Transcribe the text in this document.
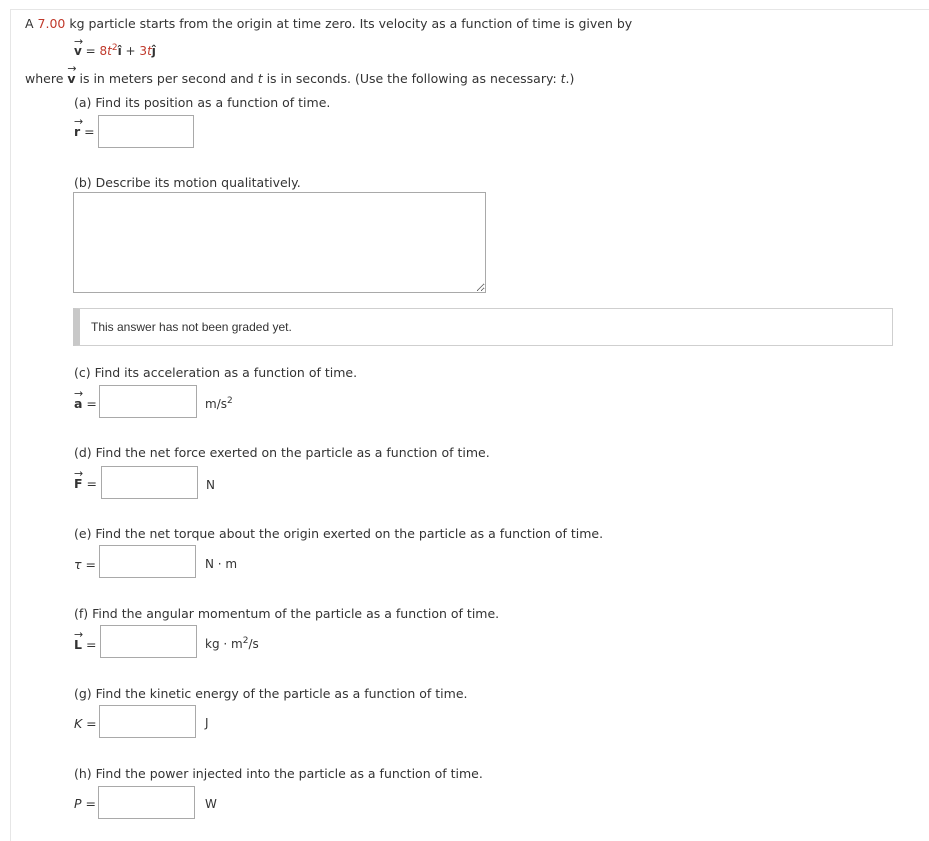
A 7.00 kg particle starts from the origin at time zero. Its velocity as a function of time is given by
→ $v = 8t^2î$ + 3tĵ
where → v is in meters per second and t is in seconds. (Use the following as necessary: t.)
(a) Find its position as a function of time.
→ r =
(b) Describe its motion qualitatively.
This answer has not been graded yet.
(c) Find its acceleration as a function of time.
→ a =	$m/s^2$
(d) Find the net force exerted on the particle as a function of time.
→ F =	N
(e) Find the net torque about the origin exerted on the particle as a function of time.
τ =	N · m
(f) Find the angular momentum of the particle as a function of time.
→ L =	kg · $m^2/s$
(g) Find the kinetic energy of the particle as a function of time.
K =	J
(h) Find the power injected into the particle as a function of time.
P =	W
